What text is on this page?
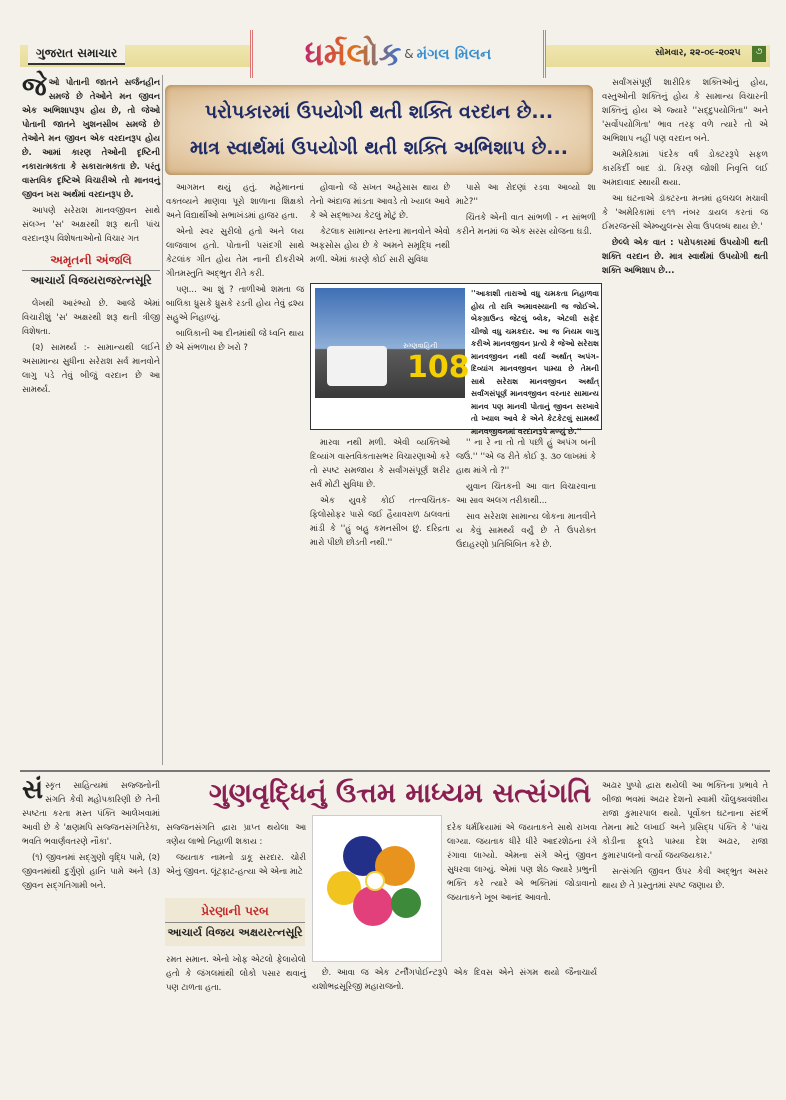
ગુજરાત સમાચાર	ધર્મલોક & મંગલ મિલન	સોમવાર, ૨૨-૦૯-૨૦૨૫	૭
પરોપકારમાં ઉપયોગી થતી શક્તિ વરદાન છે...
માત્ર સ્વાર્થમાં ઉપયોગી થતી શક્તિ અભિશાપ છે...

જેઓ પોતાની જાતને સર્જનહીન સમજે છે તેઓને મન જીવન એક અભિશાપરૂપ હોય છે, તો જેઓ પોતાની જાતને ખુશનસીબ સમજે છે તેઓને મન જીવન એક વરદાનરૂપ હોય છે. આમાં કારણ તેઓની દૃષ્ટિની નકારાત્મકતા કે સકારાત્મકતા છે. પરંતુ વાસ્તવિક દૃષ્ટિએ વિચારીએ તો માનવનું જીવન ખરા અર્થમાં વરદાનરૂપ છે.

આપણે સરેરાશ માનવજીવન સાથે સંલગ્ન 'સ' અક્ષરથી શરૂ થતી પાંચ વરદાનરૂપ વિશેષતાઓનો વિચાર ગત

અમૃતની અંજલિ
આચાર્ય વિજયરાજરત્નસૂરિ

લેખથી આરંભ્યો છે. આજે એમાં વિચારીશું 'સ' અક્ષરથી શરૂ થતી ત્રીજી વિશેષતા.

(૨) સામર્થ્ય :- સામાન્યથી લઈને અસામાન્ય સુધીના સરેરાશ સર્વ માનવોને લાગુ પડે તેવું બીજું વરદાન છે આ સામર્થ્ય.

આગમન થયું હતું. મહેમાનનાં વક્તવ્યને માણવા પૂરો શાળાના શિક્ષકો અને વિદ્યાર્થીઓ સભાખંડમાં હાજર હતા.

એનો સ્વર સુરીલો હતો અને લય લાજવાબ હતો. પોતાની પસંદગી સાથે કેટલાંક ગીત હોય તેમ નાની દીકરીએ ગીતમસ્તુતિ અદ્ભુત રીતે કરી.

પણ... આ શું ? તાળીઓ શમતા જ બાલિકા ધ્રુસકે ધ્રુસકે રડતી હોય તેવું દ્રશ્ય સહુએ નિહાળ્યું.

બાલિકાની આ દીનમાંથી જે ધ્વનિ થાય છે એ સંભળાય છે ખરો ?

હોવાનો જે સખત અહેસાસ થાય છે તેનો અંદાજ માંડતા આવડે તો ખ્યાલ આવે કે એ સદ્ભાગ્ય કેટલું મોટું છે.

કેટલાક સામાન્ય સ્તરના માનવોને એવો અફસોસ હોય છે કે અમને સમૃદ્ધિ નથી મળી. એમાં કારણે કોઈ સારી સુવિધા

પાસે આ રોદણાં રડવા આવ્યો શા માટે?''

ચિંતકે એની વાત સાંભળી - ન સાંભળી કરીને મનમાં જ એક સરસ યોજના ઘડી.

રુગ્ણવાહિની
108
''આકાશી તારાઓ વધુ ચમકતા નિહાળવા હોય તો રાત્રિ અમાવસ્યાની જ જોઈએ. બેકગ્રાઉન્ડ જેટલું બ્લેક, એટલી સફેદ ચીજો વધુ ચમકદાર. આ જ નિયમ લાગુ કરીએ માનવજીવન પ્રત્યે કે જેઓ સરેરાશ માનવજીવન નથી વર્યા અર્થાત્ અપંગ-દિવ્યાંગ માનવજીવન પામ્યા છે તેમની સાથે સરેરાશ માનવજીવન અર્થાત્ સર્વાંગસંપૂર્ણ માનવજીવન વરનાર સામાન્ય માનવ પણ માનવી પોતાનું જીવન સરખાવે તો ખ્યાલ આવે કે એને કેટકેટલું સામર્થ્ય માનવજીવનમાં વરદાનરૂપે મળ્યું છે.''

મારવા નથી મળી. એવી વ્યક્તિઓ દિવ્યાંગ વાસ્તવિકતાસભર વિચારણાઓ કરે તો સ્પષ્ટ સમજાય કે સર્વાંગસંપૂર્ણ શરીર સર્વ મોટી સુવિધા છે.

એક યુવકે કોઈ તત્ત્વચિંતક-ફિલોસોફર પાસે જઈ હૈયાવરાળ ઠાલવતાં માંડી કે ''હું બહુ કમનસીબ છું. દરિદ્રતા મારો પીછો છોડતી નથી.''

'' ના રે ના તો તો પછી હું અપંગ બની જઉં.'' ''એ જ રીતે કોઈ રૂ. ૩૦ લાખમાં કે હાથ માંગે તો ?''

યુવાન ચિંતકની આ વાત વિચારવાના આ સાવ અલગ તરીકાથી...

સાવ સરેરાશ સામાન્ય લોકના માનવીને ય કેવું સામર્થ્ય વર્યું છે તે ઉપરોક્ત ઉદાહરણો પ્રતિબિંબિત કરે છે.

સર્વાંગસંપૂર્ણ શારીરિક શક્તિઓનું હોય, વસ્તુઓની શક્તિનું હોય કે સામાન્ય વિચારની શક્તિનું હોય એ જ્યારે ''સદ્દુપયોગિતા'' અને 'સર્વોપયોગિતા' ભાવ તરફ વળે ત્યારે તો એ અભિશાપ નહીં પણ વરદાન બને.

અમેરિકામાં પંદરેક વર્ષ ડોક્ટરરૂપે સફળ કારકિર્દી બાદ ડૉ. કિરણ જોશી નિવૃત્તિ લઈ અમદાવાદ સ્થાયી થયા.

આ ઘટનાએ ડૉક્ટરના મનમાં હલચલ મચાવી કે 'અમેરિકામાં ૯૧૧ નંબર ડાયલ કરતાં જ ઈમરજન્સી એમ્બ્યુલન્સ સેવા ઉપલબ્ધ થાય છે.'

છેલ્લે એક વાત : પરોપકારમાં ઉપયોગી થતી શક્તિ વરદાન છે. માત્ર સ્વાર્થમાં ઉપયોગી થતી શક્તિ અભિશાપ છે...

ગુણવૃદ્ધિનું ઉત્તમ માધ્યમ સત્સંગતિ

સંસ્કૃત સાહિત્યમાં સજ્જનોની સંગતિ કેવી મહોપકારિણી છે તેની સ્પષ્ટતા કરતા મસ્ત પંક્તિ આલેખવામાં આવી છે કે 'ક્ષણમપિ સજ્જનસંગતિરેકા, ભવતિ ભવાર્ણવતરણે નૌકા'.

(૧) જીવનમાં સદ્ગુણો વૃદ્ધિ પામે, (૨) જીવનમાંથી દુર્ગુણો હાનિ પામે અને (૩) જીવન સદ્ગતિગામી બને.

સજ્જનસંગતિ દ્વારા પ્રાપ્ત થયેલા આ ત્રણેય લાભો નિહાળી શકાય :

જયતાક નામનો ડાકૂ સરદાર. ચોરી એનું જીવન. લૂંટફાટ-હત્યા એ એના માટે

પ્રેરણાની પરબ
આચાર્ય વિજય અક્ષયરત્નસૂરિ

રમત સમાન. એનો ખોફ એટલો ફેલાયેલો હતો કે જંગલમાંથી લોકો પસાર થવાનું પણ ટાળતા હતા.

દરેક ધર્મક્રિયામાં એ જયતાકને સાથે રાખવા લાગ્યા. જયતાક ધીરે ધીરે આદરશેઠના રંગે રંગાવા લાગ્યો. એમના સંગે એનું જીવન સુધરવા લાગ્યું. એમાં પણ શેઠ જ્યારે પ્રભુની ભક્તિ કરે ત્યારે એ ભક્તિમાં જોડાવાનો જયતાકને ખૂબ આનંદ આવતો.

છે. આવા જ એક ટર્નીંગપોઈન્ટરૂપે એક દિવસ એને સંગમ થયો જૈનાચાર્ય યશોભદ્રસૂરિજી મહારાજનો.

અઢાર પુષ્પો દ્વારા થયેલી આ ભક્તિના પ્રભાવે તે બીજા ભવમાં અઢાર દેશનો સ્વામી ચૌલુક્યવંશીય રાજા કુમારપાલ થયો. પૂર્વોક્ત ઘટનાના સંદર્ભે તેમના માટે લખાઈ અને પ્રસિદ્ધ પંક્તિ કે 'પાંચ કોડીના ફૂલડે પામ્યા દેશ અઢાર, રાજા કુમારપાલનો વર્ત્યો જયજયકાર.'

સત્સંગતિ જીવન ઉપર કેવી અદ્ભુત અસર થાય છે તે પ્રસ્તુતમાં સ્પષ્ટ જણાય છે.
